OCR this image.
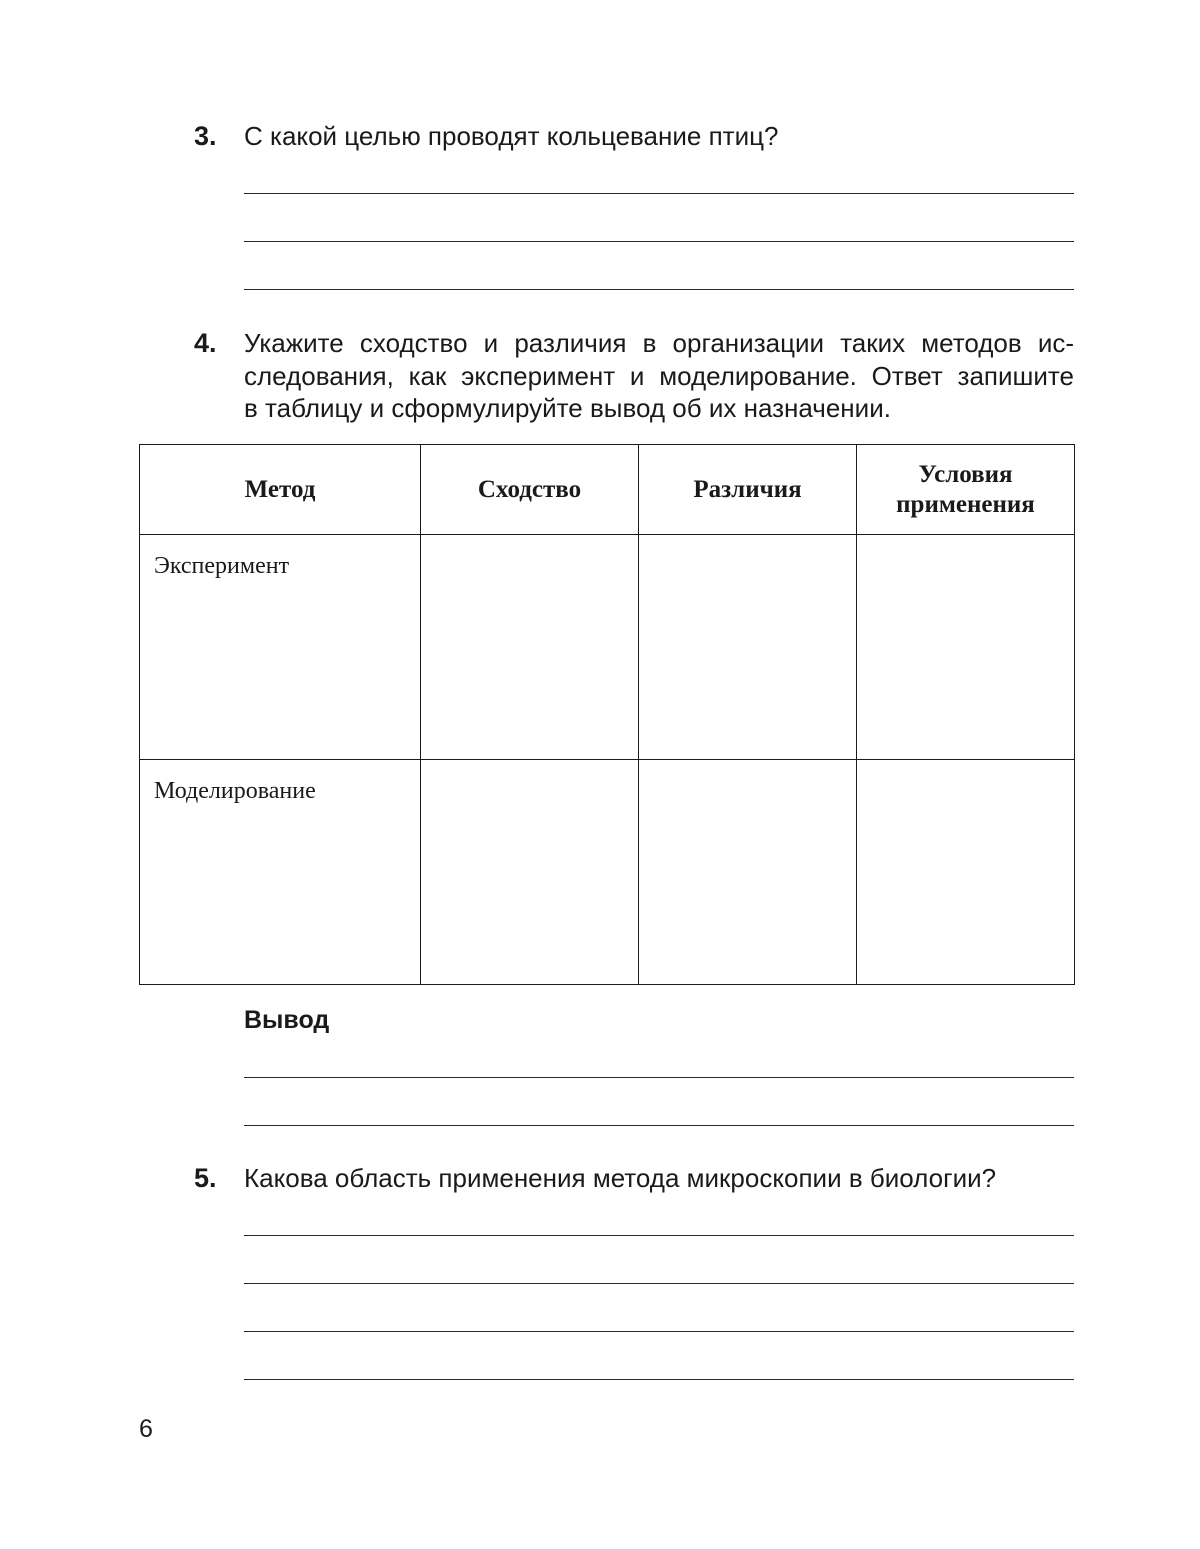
3. С какой целью проводят кольцевание птиц?
4. Укажите сходство и различия в организации таких методов ис-
следования, как эксперимент и моделирование. Ответ запишите
в таблицу и сформулируйте вывод об их назначении.
Метод	Сходство	Различия	Условия применения

Эксперимент			

Моделирование			

Вывод
5. Какова область применения метода микроскопии в биологии?
6
